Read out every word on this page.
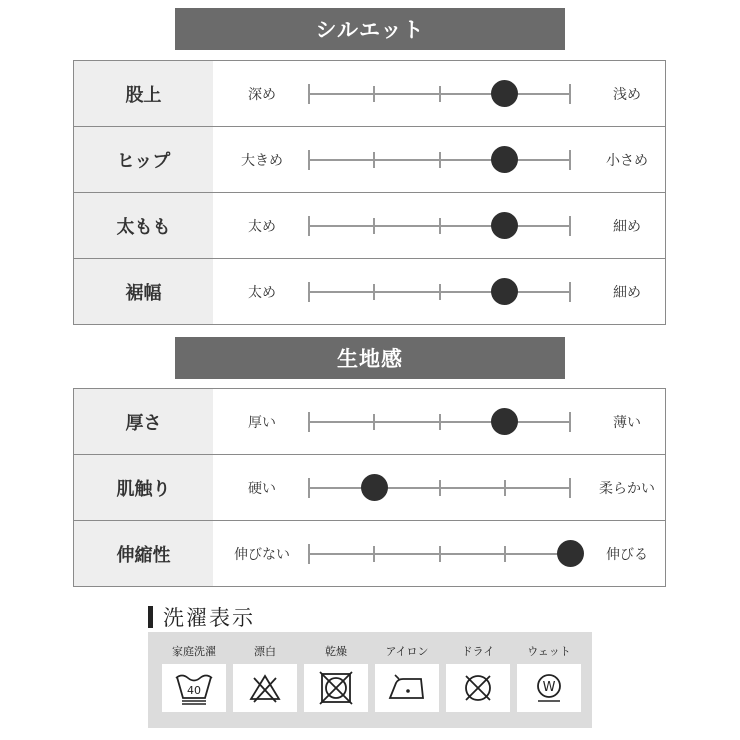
シルエット
股上	深め	浅め
ヒップ	大きめ	小さめ
太もも	太め	細め
裾幅	太め	細め
生地感
厚さ	厚い	薄い
肌触り	硬い	柔らかい
伸縮性	伸びない	伸びる
洗濯表示
家庭洗濯
40
漂白	乾燥	アイロン	ドライ	ウェット
W
